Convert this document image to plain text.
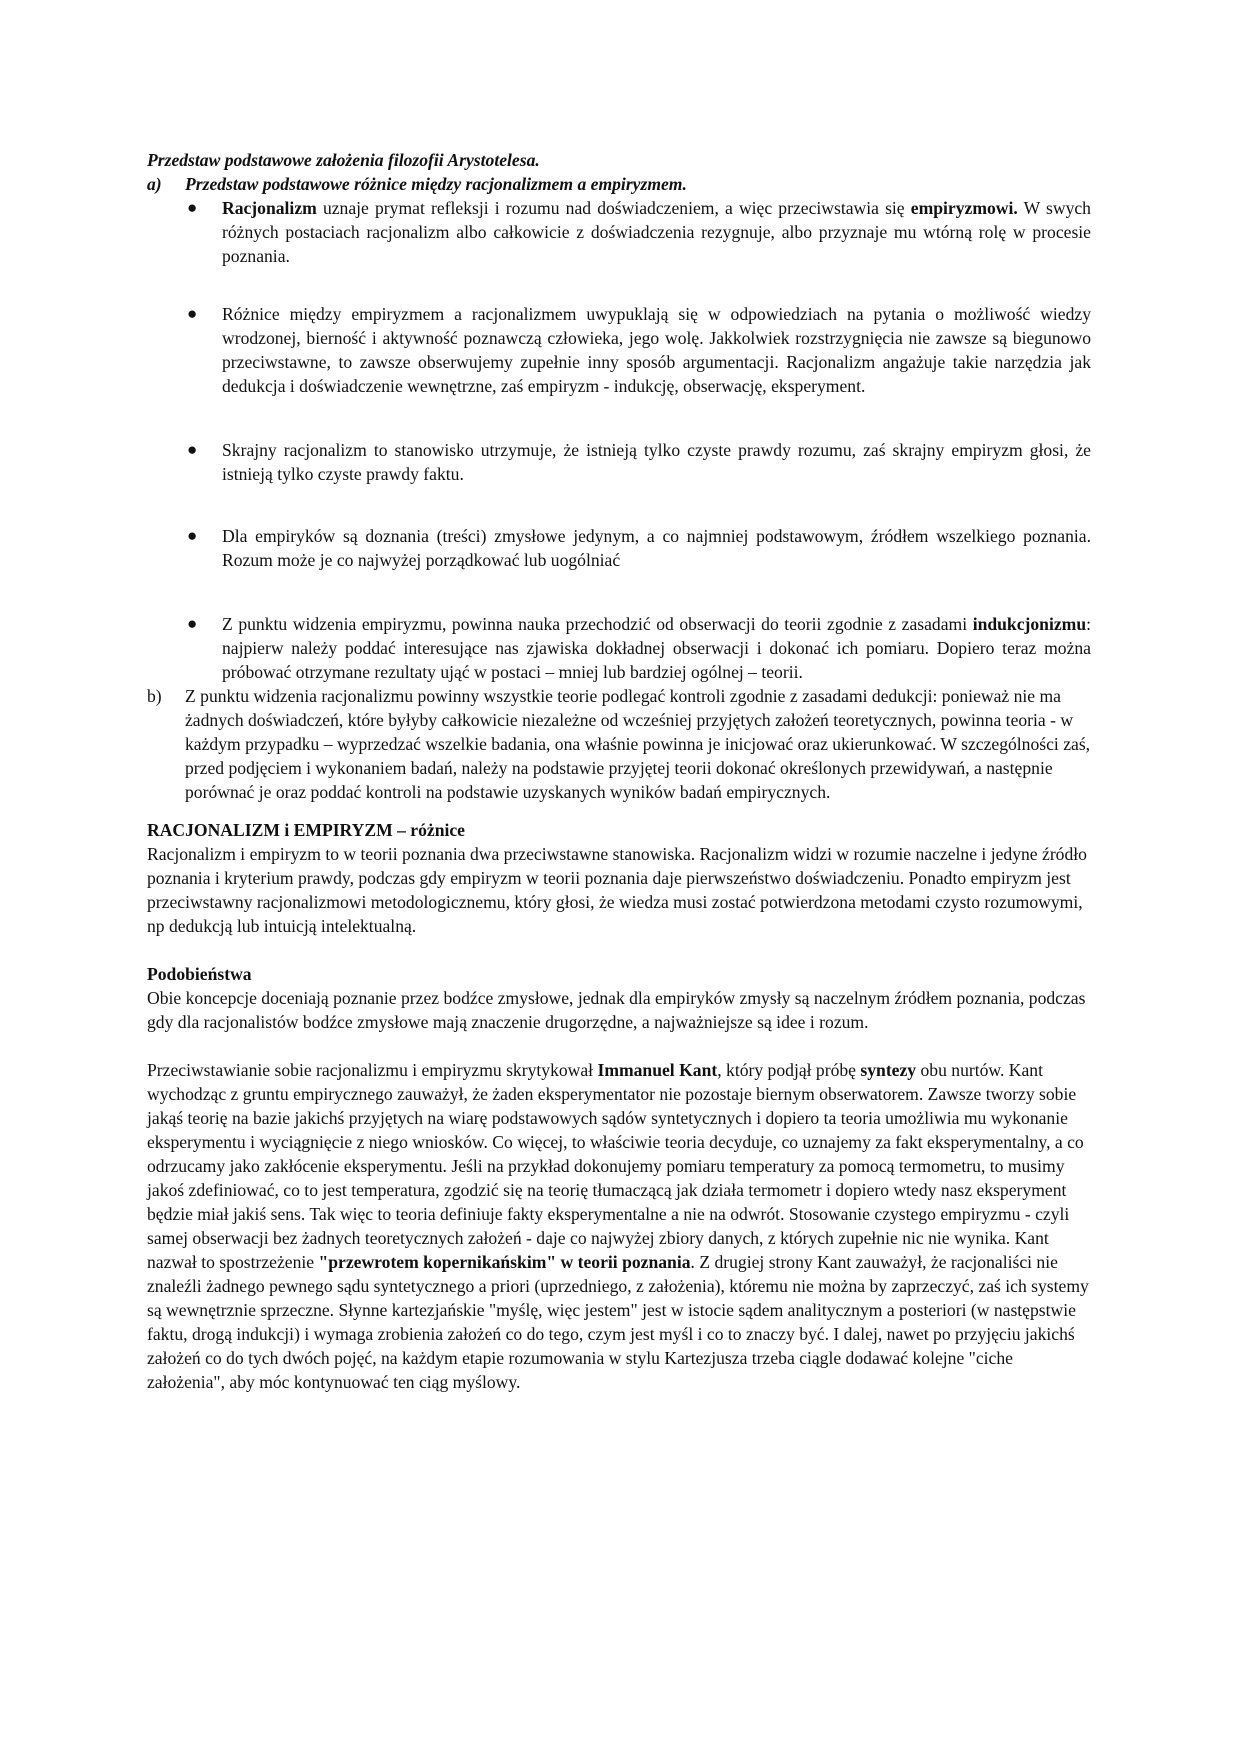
Przedstaw podstawowe założenia filozofii Arystotelesa.
a)	Przedstaw podstawowe różnice między racjonalizmem a empiryzmem.
● Racjonalizm uznaje prymat refleksji i rozumu nad doświadczeniem, a więc przeciwstawia się empiryzmowi. W swych różnych postaciach racjonalizm albo całkowicie z doświadczenia rezygnuje, albo przyznaje mu wtórną rolę w procesie poznania.
● Różnice między empiryzmem a racjonalizmem uwypuklają się w odpowiedziach na pytania o możliwość wiedzy wrodzonej, bierność i aktywność poznawczą człowieka, jego wolę. Jakkolwiek rozstrzygnięcia nie zawsze są biegunowo przeciwstawne, to zawsze obserwujemy zupełnie inny sposób argumentacji. Racjonalizm angażuje takie narzędzia jak dedukcja i doświadczenie wewnętrzne, zaś empiryzm - indukcję, obserwację, eksperyment.
● Skrajny racjonalizm to stanowisko utrzymuje, że istnieją tylko czyste prawdy rozumu, zaś skrajny empiryzm głosi, że istnieją tylko czyste prawdy faktu.
● Dla empiryków są doznania (treści) zmysłowe jedynym, a co najmniej podstawowym, źródłem wszelkiego poznania. Rozum może je co najwyżej porządkować lub uogólniać
● Z punktu widzenia empiryzmu, powinna nauka przechodzić od obserwacji do teorii zgodnie z zasadami indukcjonizmu: najpierw należy poddać interesujące nas zjawiska dokładnej obserwacji i dokonać ich pomiaru. Dopiero teraz można próbować otrzymane rezultaty ująć w postaci – mniej lub bardziej ogólnej – teorii.
b)	Z punktu widzenia racjonalizmu powinny wszystkie teorie podlegać kontroli zgodnie z zasadami dedukcji: ponieważ nie ma żadnych doświadczeń, które byłyby całkowicie niezależne od wcześniej przyjętych założeń teoretycznych, powinna teoria - w każdym przypadku – wyprzedzać wszelkie badania, ona właśnie powinna je inicjować oraz ukierunkować. W szczególności zaś, przed podjęciem i wykonaniem badań, należy na podstawie przyjętej teorii dokonać określonych przewidywań, a następnie porównać je oraz poddać kontroli na podstawie uzyskanych wyników badań empirycznych.
RACJONALIZM i EMPIRYZM – różnice

Racjonalizm i empiryzm to w teorii poznania dwa przeciwstawne stanowiska. Racjonalizm widzi w rozumie naczelne i jedyne źródło poznania i kryterium prawdy, podczas gdy empiryzm w teorii poznania daje pierwszeństwo doświadczeniu. Ponadto empiryzm jest przeciwstawny racjonalizmowi metodologicznemu, który głosi, że wiedza musi zostać potwierdzona metodami czysto rozumowymi, np dedukcją lub intuicją intelektualną.

Podobieństwa

Obie koncepcje doceniają poznanie przez bodźce zmysłowe, jednak dla empiryków zmysły są naczelnym źródłem poznania, podczas gdy dla racjonalistów bodźce zmysłowe mają znaczenie drugorzędne, a najważniejsze są idee i rozum.

Przeciwstawianie sobie racjonalizmu i empiryzmu skrytykował Immanuel Kant, który podjął próbę syntezy obu nurtów. Kant wychodząc z gruntu empirycznego zauważył, że żaden eksperymentator nie pozostaje biernym obserwatorem. Zawsze tworzy sobie jakąś teorię na bazie jakichś przyjętych na wiarę podstawowych sądów syntetycznych i dopiero ta teoria umożliwia mu wykonanie eksperymentu i wyciągnięcie z niego wniosków. Co więcej, to właściwie teoria decyduje, co uznajemy za fakt eksperymentalny, a co odrzucamy jako zakłócenie eksperymentu. Jeśli na przykład dokonujemy pomiaru temperatury za pomocą termometru, to musimy jakoś zdefiniować, co to jest temperatura, zgodzić się na teorię tłumaczącą jak działa termometr i dopiero wtedy nasz eksperyment będzie miał jakiś sens. Tak więc to teoria definiuje fakty eksperymentalne a nie na odwrót. Stosowanie czystego empiryzmu - czyli samej obserwacji bez żadnych teoretycznych założeń - daje co najwyżej zbiory danych, z których zupełnie nic nie wynika. Kant nazwał to spostrzeżenie "przewrotem kopernikańskim" w teorii poznania. Z drugiej strony Kant zauważył, że racjonaliści nie znaleźli żadnego pewnego sądu syntetycznego a priori (uprzedniego, z założenia), któremu nie można by zaprzeczyć, zaś ich systemy są wewnętrznie sprzeczne. Słynne kartezjańskie "myślę, więc jestem" jest w istocie sądem analitycznym a posteriori (w następstwie faktu, drogą indukcji) i wymaga zrobienia założeń co do tego, czym jest myśl i co to znaczy być. I dalej, nawet po przyjęciu jakichś założeń co do tych dwóch pojęć, na każdym etapie rozumowania w stylu Kartezjusza trzeba ciągle dodawać kolejne "ciche założenia", aby móc kontynuować ten ciąg myślowy.
